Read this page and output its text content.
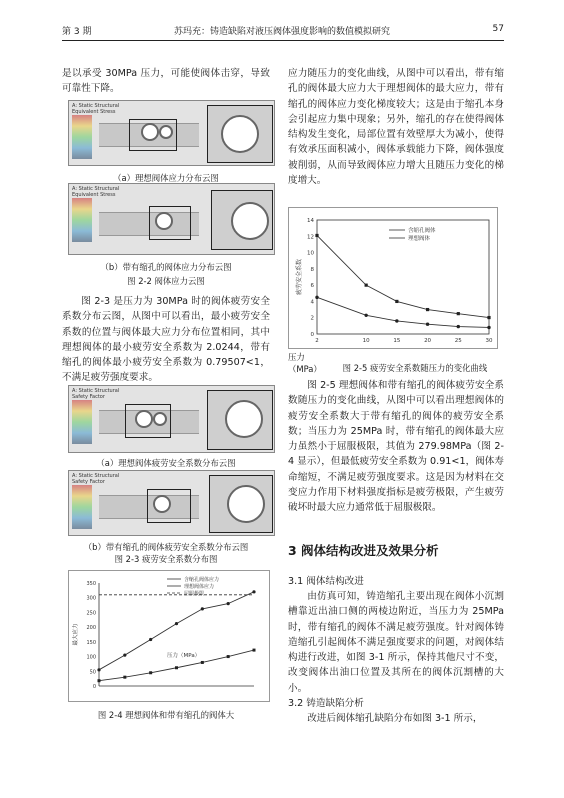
第 3 期	苏玛充：铸造缺陷对液压阀体强度影响的数值模拟研究	57

是以承受 30MPa 压力，可能使阀体击穿，导致可靠性下降。

A: Static Structural
Equivalent Stress
（a）理想阀体应力分布云图
A: Static Structural
Equivalent Stress
（b）带有缩孔的阀体应力分布云图
图 2-2 阀体应力云图

图 2-3 是压力为 30MPa 时的阀体疲劳安全系数分布云图，从图中可以看出，最小疲劳安全系数的位置与阀体最大应力分布位置相同，其中理想阀体的最小疲劳安全系数为 2.0244，带有缩孔的阀体最小疲劳安全系数为 0.79507<1，不满足疲劳强度要求。

A: Static Structural
Safety Factor
（a）理想阀体疲劳安全系数分布云图
A: Static Structural
Safety Factor
（b）带有缩孔的阀体疲劳安全系数分布云图
图 2-3 疲劳安全系数分布图
0
50
100
150
200
250
300
350
最大应力
压力（MPa）
含缩孔阀体应力
理想阀体应力
屈服极限
图 2-4 理想阀体和带有缩孔的阀体大

应力随压力的变化曲线，从图中可以看出，带有缩孔的阀体最大应力大于理想阀体的最大应力，带有缩孔的阀体应力变化梯度较大；这是由于缩孔本身会引起应力集中现象；另外，缩孔的存在使得阀体结构发生变化，局部位置有效壁厚大为减小，使得有效承压面积减小，阀体承载能力下降，阀体强度被削弱，从而导致阀体应力增大且随压力变化的梯度增大。

0
2
4
6
8
10
12
14
2	10	15	20	25	30
疲劳安全系数
含缩孔阀体
理想阀体
压力（MPa）	图 2-5 疲劳安全系数随压力的变化曲线

图 2-5 理想阀体和带有缩孔的阀体疲劳安全系数随压力的变化曲线，从图中可以看出理想阀体的疲劳安全系数大于带有缩孔的阀体的疲劳安全系数；当压力为 25MPa 时，带有缩孔的阀体最大应力虽然小于屈服极限，其值为 279.98MPa（图 2-4 显示），但最低疲劳安全系数为 0.91<1，阀体寿命缩短，不满足疲劳强度要求。这是因为材料在交变应力作用下材料强度指标是疲劳极限，产生疲劳破坏时最大应力通常低于屈服极限。

3 阀体结构改进及效果分析
3.1 阀体结构改进

由仿真可知，铸造缩孔主要出现在阀体小沉割槽靠近出油口侧的两棱边附近，当压力为 25MPa 时，带有缩孔的阀体不满足疲劳强度。针对阀体铸造缩孔引起阀体不满足强度要求的问题，对阀体结构进行改进，如图 3-1 所示，保持其他尺寸不变，改变阀体出油口位置及其所在的阀体沉割槽的大小。

3.2 铸造缺陷分析

改进后阀体缩孔缺陷分布如图 3-1 所示，
